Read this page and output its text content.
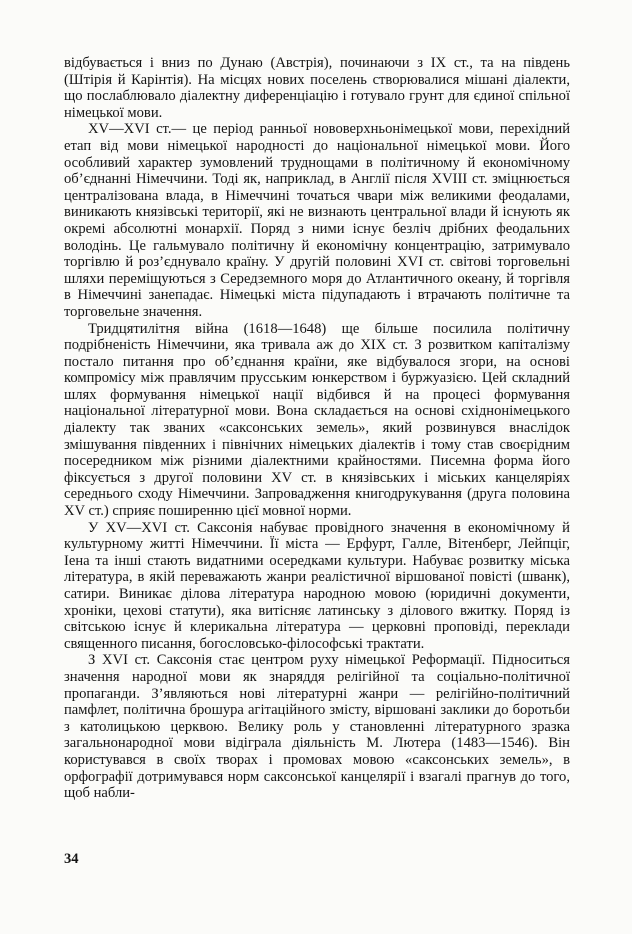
відбувається і вниз по Дунаю (Австрія), починаючи з IX ст., та на південь (Штірія й Карінтія). На місцях нових поселень створювалися мішані діалекти, що послаблювало діалектну диференціацію і готувало грунт для єдиної спільної німецької мови.

XV—XVI ст.— це період ранньої нововерхньонімецької мови, перехідний етап від мови німецької народності до національної німецької мови. Його особливий характер зумовлений труднощами в політичному й економічному об’єднанні Німеччини. Тоді як, наприклад, в Англії після XVIII ст. зміцнюється централізована влада, в Німеччині точаться чвари між великими феодалами, виникають князівські території, які не визнають центральної влади й існують як окремі абсолютні монархії. Поряд з ними існує безліч дрібних феодальних володінь. Це гальмувало політичну й економічну концентрацію, затримувало торгівлю й роз’єднувало країну. У другій половині XVI ст. світові торговельні шляхи переміщуються з Середземного моря до Атлантичного океану, й торгівля в Німеччині занепадає. Німецькі міста підупадають і втрачають політичне та торговельне значення.

Тридцятилітня війна (1618—1648) ще більше посилила політичну подрібненість Німеччини, яка тривала аж до XIX ст. З розвитком капіталізму постало питання про об’єднання країни, яке відбувалося згори, на основі компромісу між правлячим прусським юнкерством і буржуазією. Цей складний шлях формування німецької нації відбився й на процесі формування національної літературної мови. Вона складається на основі східнонімецького діалекту так званих «саксонських земель», який розвинувся внаслідок змішування південних і північних німецьких діалектів і тому став своєрідним посередником між різними діалектними крайностями. Писемна форма його фіксується з другої половини XV ст. в князівських і міських канцеляріях середнього сходу Німеччини. Запровадження книгодрукування (друга половина XV ст.) сприяє поширенню цієї мовної норми.

У XV—XVI ст. Саксонія набуває провідного значення в економічному й культурному житті Німеччини. Її міста — Ерфурт, Галле, Вітенберг, Лейпціг, Іена та інші стають видатними осередками культури. Набуває розвитку міська література, в якій переважають жанри реалістичної віршованої повісті (шванк), сатири. Виникає ділова література народною мовою (юридичні документи, хроніки, цехові статути), яка витісняє латинську з ділового вжитку. Поряд із світською існує й клерикальна література — церковні проповіді, переклади священного писання, богословсько-філософські трактати.

З XVI ст. Саксонія стає центром руху німецької Реформації. Підноситься значення народної мови як знаряддя релігійної та соціально-політичної пропаганди. З’являються нові літературні жанри — релігійно-політичний памфлет, політична брошура агітаційного змісту, віршовані заклики до боротьби з католицькою церквою. Велику роль у становленні літературного зразка загальнонародної мови відіграла діяльність М. Лютера (1483—1546). Він користувався в своїх творах і промовах мовою «саксонських земель», в орфографії дотримувався норм саксонської канцелярії і взагалі прагнув до того, щоб набли-

34
